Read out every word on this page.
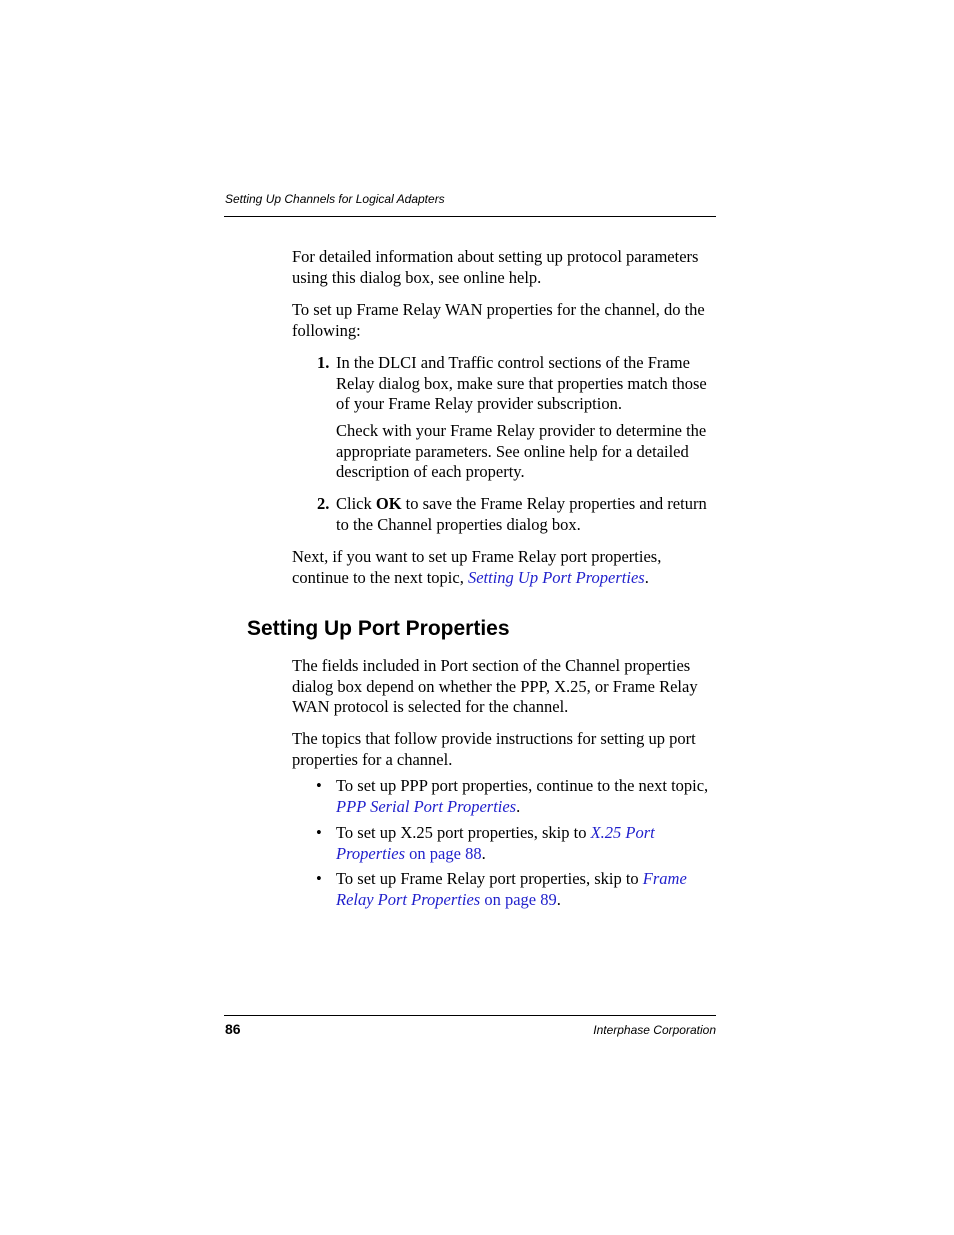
Setting Up Channels for Logical Adapters

For detailed information about setting up protocol parameters using this dialog box, see online help.

To set up Frame Relay WAN properties for the channel, do the following:

1. In the DLCI and Traffic control sections of the Frame Relay dialog box, make sure that properties match those of your Frame Relay provider subscription.
Check with your Frame Relay provider to determine the appropriate parameters. See online help for a detailed description of each property.
2. Click OK to save the Frame Relay properties and return to the Channel properties dialog box.

Next, if you want to set up Frame Relay port properties, continue to the next topic, Setting Up Port Properties.

Setting Up Port Properties

The fields included in Port section of the Channel properties dialog box depend on whether the PPP, X.25, or Frame Relay WAN protocol is selected for the channel.

The topics that follow provide instructions for setting up port properties for a channel.

• To set up PPP port properties, continue to the next topic, PPP Serial Port Properties.
• To set up X.25 port properties, skip to X.25 Port Properties on page 88.
• To set up Frame Relay port properties, skip to Frame Relay Port Properties on page 89.
86	Interphase Corporation
